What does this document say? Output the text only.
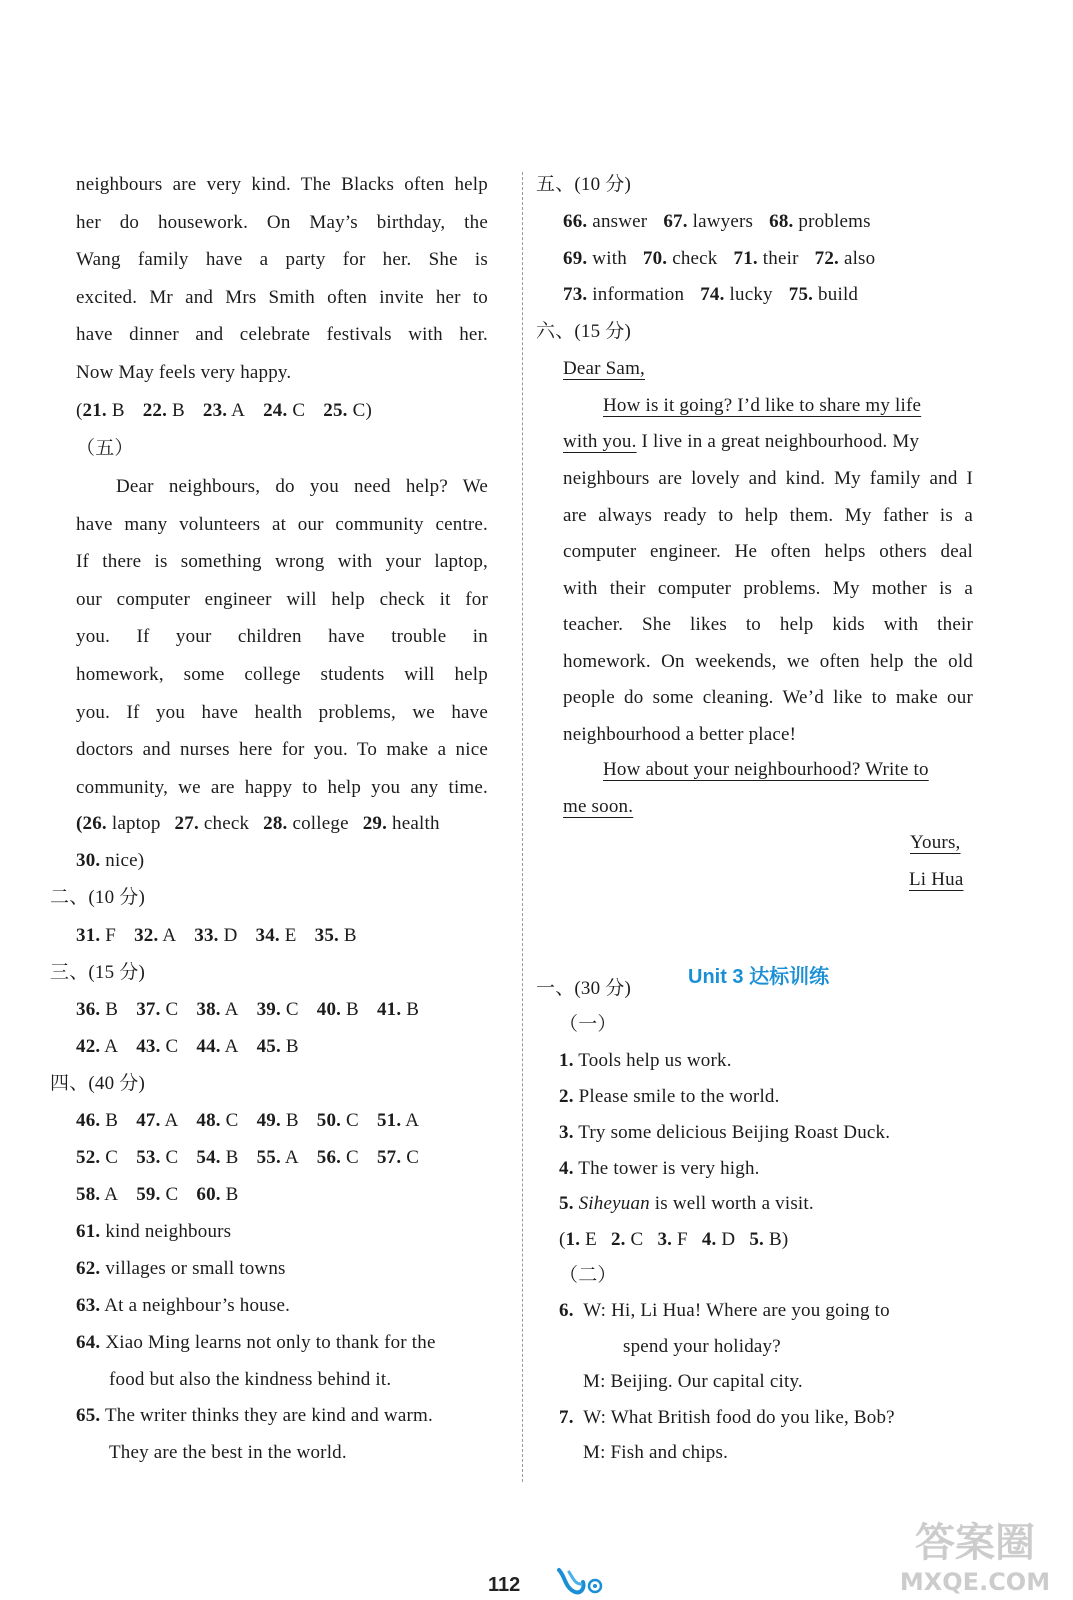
neighbours are very kind. The Blacks often help
her do housework. On May’s birthday, the
Wang family have a party for her. She is
excited. Mr and Mrs Smith often invite her to
have dinner and celebrate festivals with her.
Now May feels very happy.
(21. B 22. B 23. A 24. C 25. C)
（五）
Dear neighbours, do you need help? We
have many volunteers at our community centre.
If there is something wrong with your laptop,
our computer engineer will help check it for
you. If your children have trouble in
homework, some college students will help
you. If you have health problems, we have
doctors and nurses here for you. To make a nice
community, we are happy to help you any time.
(26. laptop 27. check 28. college 29. health
30. nice)
二、(10 分)
31. F 32. A 33. D 34. E 35. B
三、(15 分)
36. B 37. C 38. A 39. C 40. B 41. B
42. A 43. C 44. A 45. B
四、(40 分)
46. B 47. A 48. C 49. B 50. C 51. A
52. C 53. C 54. B 55. A 56. C 57. C
58. A 59. C 60. B
61. kind neighbours
62. villages or small towns
63. At a neighbour’s house.
64. Xiao Ming learns not only to thank for the
food but also the kindness behind it.
65. The writer thinks they are kind and warm.
They are the best in the world.
五、(10 分)
66. answer 67. lawyers 68. problems
69. with 70. check 71. their 72. also
73. information 74. lucky 75. build
六、(15 分)
Dear Sam,
How is it going? I’d like to share my life
with you. I live in a great neighbourhood. My
neighbours are lovely and kind. My family and I
are always ready to help them. My father is a
computer engineer. He often helps others deal
with their computer problems. My mother is a
teacher. She likes to help kids with their
homework. On weekends, we often help the old
people do some cleaning. We’d like to make our
neighbourhood a better place!
How about your neighbourhood? Write to
me soon.
Yours,
Li Hua
一、(30 分)
（一）
1. Tools help us work.
2. Please smile to the world.
3. Try some delicious Beijing Roast Duck.
4. The tower is very high.
5. Siheyuan is well worth a visit.
(1. E 2. C 3. F 4. D 5. B)
（二）
6. W: Hi, Li Hua! Where are you going to
spend your holiday?
M: Beijing. Our capital city.
7. W: What British food do you like, Bob?
M: Fish and chips.
Unit 3 达标训练
112
答案圈
MXQE.COM
